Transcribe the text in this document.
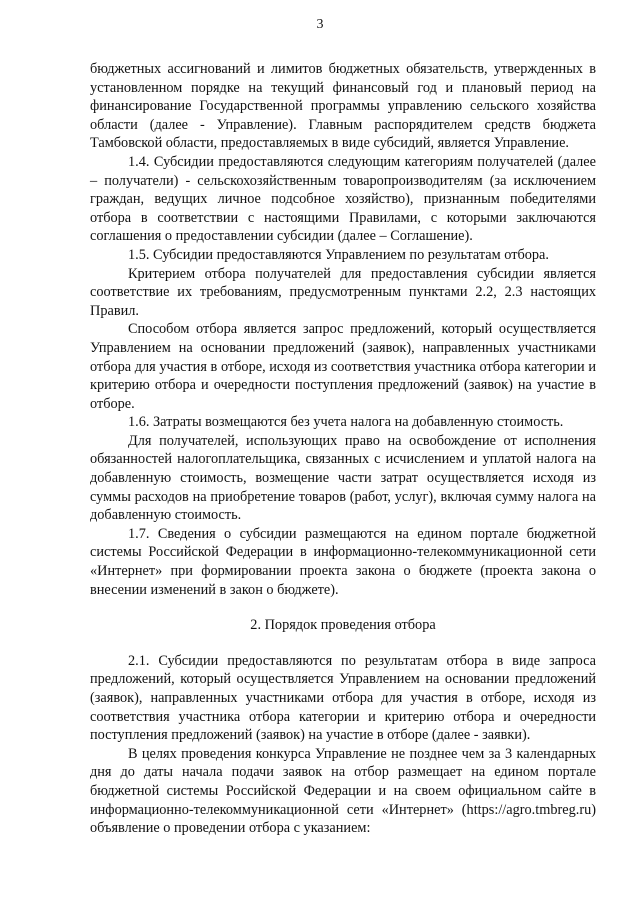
3

бюджетных ассигнований и лимитов бюджетных обязательств, утвержденных в установленном порядке на текущий финансовый год и плановый период на финансирование Государственной программы управлению сельского хозяйства области (далее - Управление). Главным распорядителем средств бюджета Тамбовской области, предоставляемых в виде субсидий, является Управление.

1.4. Субсидии предоставляются следующим категориям получателей (далее – получатели) - сельскохозяйственным товаропроизводителям (за исключением граждан, ведущих личное подсобное хозяйство), признанным победителями отбора в соответствии с настоящими Правилами, с которыми заключаются соглашения о предоставлении субсидии (далее – Соглашение).

1.5. Субсидии предоставляются Управлением по результатам отбора.

Критерием отбора получателей для предоставления субсидии является соответствие их требованиям, предусмотренным пунктами 2.2, 2.3 настоящих Правил.

Способом отбора является запрос предложений, который осуществляется Управлением на основании предложений (заявок), направленных участниками отбора для участия в отборе, исходя из соответствия участника отбора категории и критерию отбора и очередности поступления предложений (заявок) на участие в отборе.

1.6. Затраты возмещаются без учета налога на добавленную стоимость.

Для получателей, использующих право на освобождение от исполнения обязанностей налогоплательщика, связанных с исчислением и уплатой налога на добавленную стоимость, возмещение части затрат осуществляется исходя из суммы расходов на приобретение товаров (работ, услуг), включая сумму налога на добавленную стоимость.

1.7. Сведения о субсидии размещаются на едином портале бюджетной системы Российской Федерации в информационно-телекоммуникационной сети «Интернет» при формировании проекта закона о бюджете (проекта закона о внесении изменений в закон о бюджете).

2. Порядок проведения отбора

2.1. Субсидии предоставляются по результатам отбора в виде запроса предложений, который осуществляется Управлением на основании предложений (заявок), направленных участниками отбора для участия в отборе, исходя из соответствия участника отбора категории и критерию отбора и очередности поступления предложений (заявок) на участие в отборе (далее - заявки).

В целях проведения конкурса Управление не позднее чем за 3 календарных дня до даты начала подачи заявок на отбор размещает на едином портале бюджетной системы Российской Федерации и на своем официальном сайте в информационно-телекоммуникационной сети «Интернет» (https://agro.tmbreg.ru) объявление о проведении отбора с указанием:
